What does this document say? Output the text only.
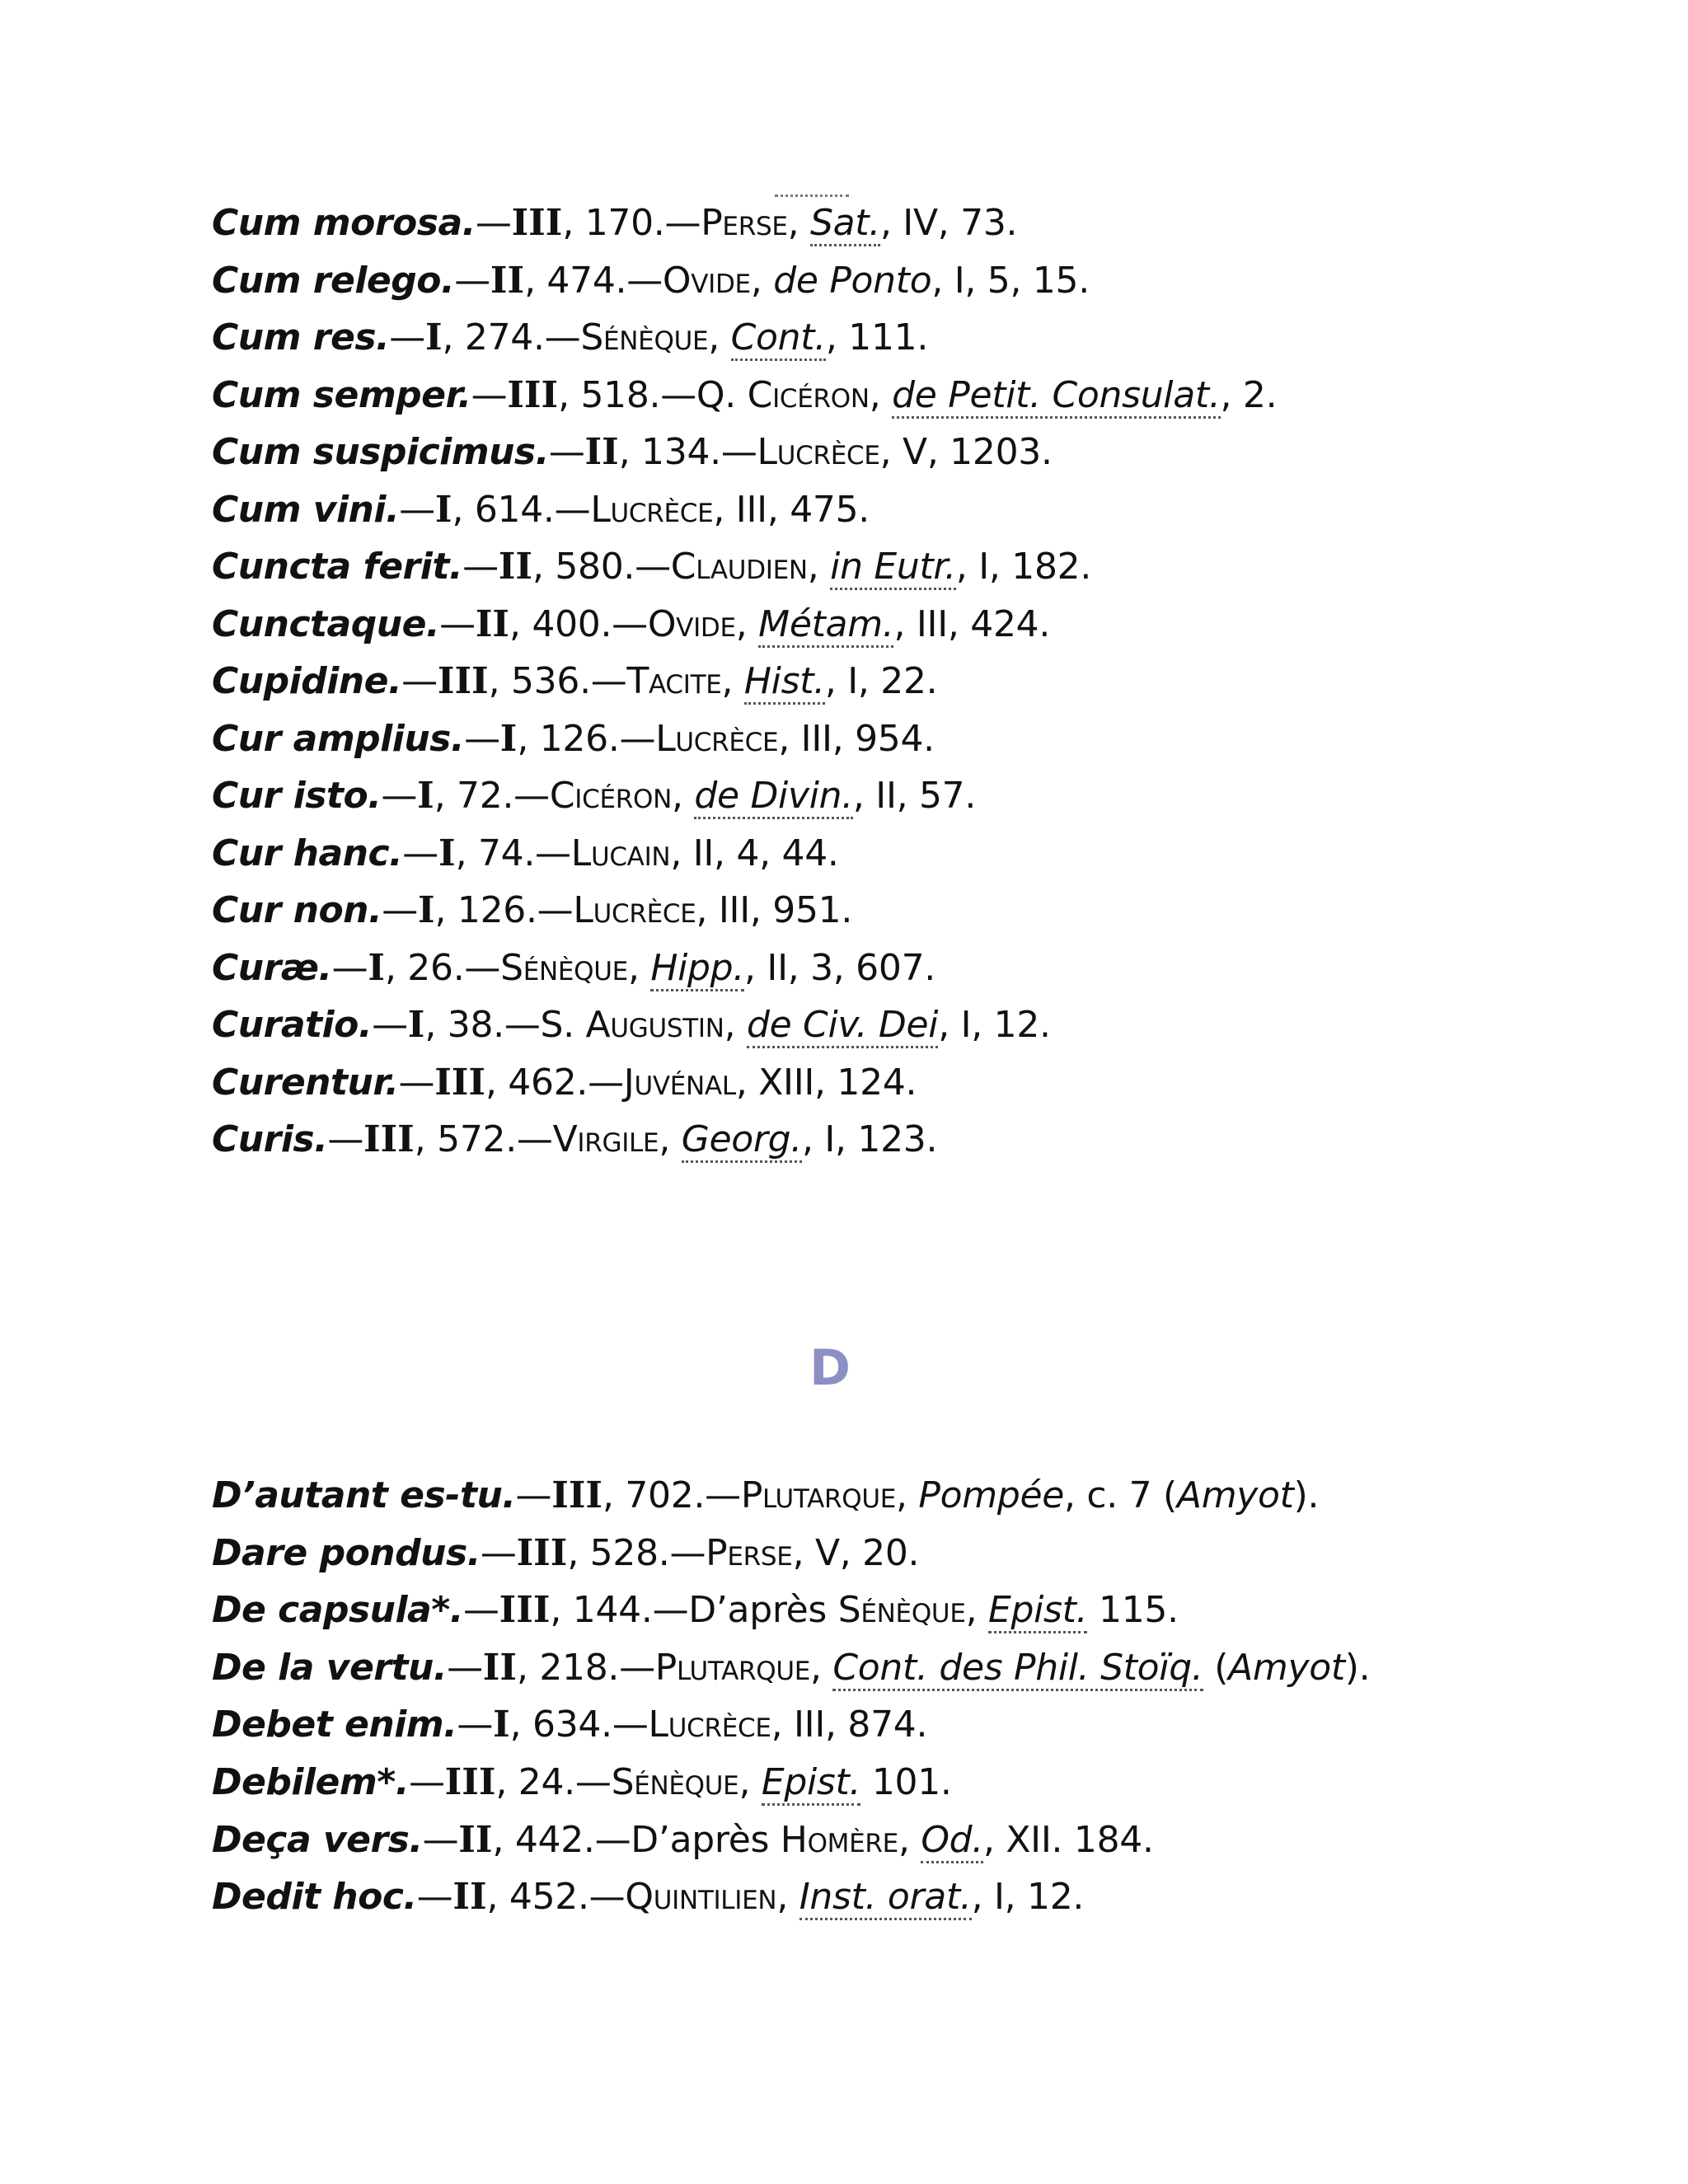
Cum morosa.—III, 170.—Perse, Sat., IV, 73.
Cum relego.—II, 474.—Ovide, de Ponto, I, 5, 15.
Cum res.—I, 274.—Sénèque, Cont., 111.
Cum semper.—III, 518.—Q. Cicéron, de Petit. Consulat., 2.
Cum suspicimus.—II, 134.—Lucrèce, V, 1203.
Cum vini.—I, 614.—Lucrèce, III, 475.
Cuncta ferit.—II, 580.—Claudien, in Eutr., I, 182.
Cunctaque.—II, 400.—Ovide, Métam., III, 424.
Cupidine.—III, 536.—Tacite, Hist., I, 22.
Cur amplius.—I, 126.—Lucrèce, III, 954.
Cur isto.—I, 72.—Cicéron, de Divin., II, 57.
Cur hanc.—I, 74.—Lucain, II, 4, 44.
Cur non.—I, 126.—Lucrèce, III, 951.
Curæ.—I, 26.—Sénèque, Hipp., II, 3, 607.
Curatio.—I, 38.—S. Augustin, de Civ. Dei, I, 12.
Curentur.—III, 462.—Juvénal, XIII, 124.
Curis.—III, 572.—Virgile, Georg., I, 123.
D
D’autant es-tu.—III, 702.—Plutarque, Pompée, c. 7 (Amyot).
Dare pondus.—III, 528.—Perse, V, 20.
De capsula*.—III, 144.—D’après Sénèque, Epist. 115.
De la vertu.—II, 218.—Plutarque, Cont. des Phil. Stoïq. (Amyot).
Debet enim.—I, 634.—Lucrèce, III, 874.
Debilem*.—III, 24.—Sénèque, Epist. 101.
Deça vers.—II, 442.—D’après Homère, Od., XII. 184.
Dedit hoc.—II, 452.—Quintilien, Inst. orat., I, 12.
